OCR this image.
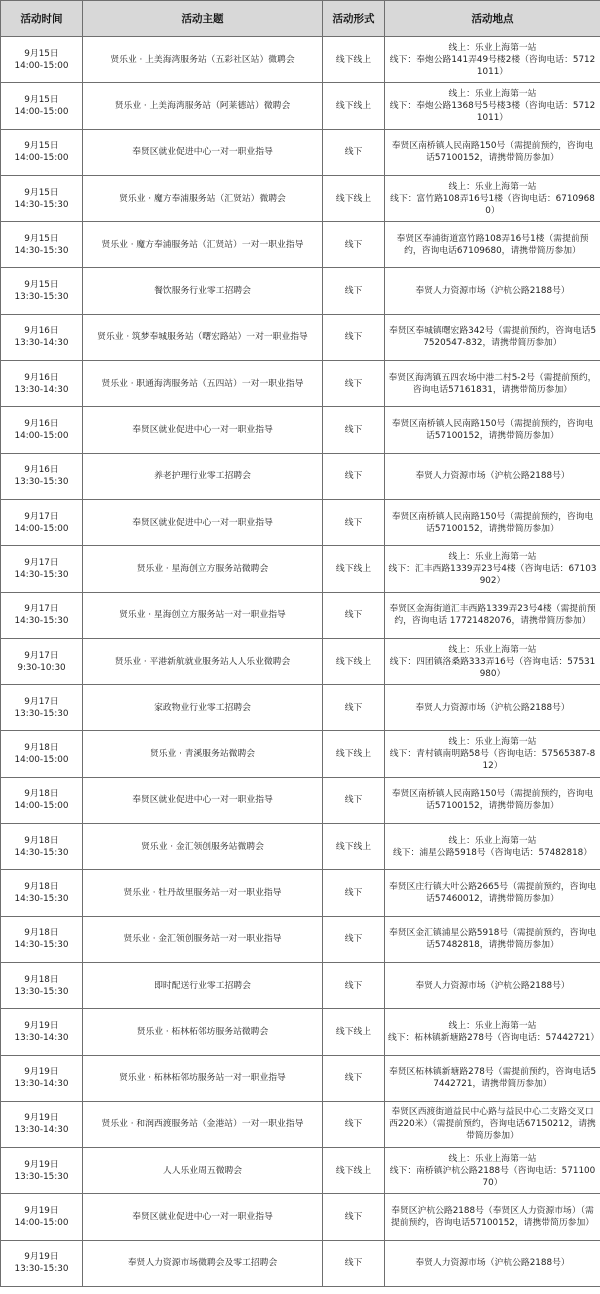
活动时间	活动主题	活动形式	活动地点

9月15日
14:00-15:00	贤乐业 · 上美海湾服务站（五彩社区站）微聘会	线下线上	线上：乐业上海第一站
线下：奉炮公路141弄49号楼2楼（咨询电话：57121011）

9月15日
14:00-15:00	贤乐业 · 上美海湾服务站（阿莱德站）微聘会	线下线上	线上：乐业上海第一站
线下：奉炮公路1368号5号楼3楼（咨询电话：57121011）

9月15日
14:00-15:00	奉贤区就业促进中心一对一职业指导	线下	奉贤区南桥镇人民南路150号（需提前预约，咨询电话57100152，请携带简历参加）

9月15日
14:30-15:30	贤乐业 · 魔方奉浦服务站（汇贤站）微聘会	线下线上	线上：乐业上海第一站
线下：富竹路108弄16号1楼（咨询电话：67109680）

9月15日
14:30-15:30	贤乐业 · 魔方奉浦服务站（汇贤站）一对一职业指导	线下	奉贤区奉浦街道富竹路108弄16号1楼（需提前预约，咨询电话67109680，请携带简历参加）

9月15日
13:30-15:30	餐饮服务行业零工招聘会	线下	奉贤人力资源市场（沪杭公路2188号）

9月16日
13:30-14:30	贤乐业 · 筑梦奉城服务站（曙宏路站）一对一职业指导	线下	奉贤区奉城镇曙宏路342号（需提前预约，咨询电话57520547-832，请携带简历参加）

9月16日
13:30-14:30	贤乐业 · 职通海湾服务站（五四站）一对一职业指导	线下	奉贤区海湾镇五四农场中港二村5-2号（需提前预约，咨询电话57161831，请携带简历参加）

9月16日
14:00-15:00	奉贤区就业促进中心一对一职业指导	线下	奉贤区南桥镇人民南路150号（需提前预约，咨询电话57100152，请携带简历参加）

9月16日
13:30-15:30	养老护理行业零工招聘会	线下	奉贤人力资源市场（沪杭公路2188号）

9月17日
14:00-15:00	奉贤区就业促进中心一对一职业指导	线下	奉贤区南桥镇人民南路150号（需提前预约，咨询电话57100152，请携带简历参加）

9月17日
14:30-15:30	贤乐业 · 星海创立方服务站微聘会	线下线上	线上：乐业上海第一站
线下：汇丰西路1339弄23号4楼（咨询电话：67103902）

9月17日
14:30-15:30	贤乐业 · 星海创立方服务站一对一职业指导	线下	奉贤区金海街道汇丰西路1339弄23号4楼（需提前预约，咨询电话 17721482076，请携带简历参加）

9月17日
9:30-10:30	贤乐业 · 平港新航就业服务站人人乐业微聘会	线下线上	线上：乐业上海第一站
线下：四团镇洛桑路333弄16号（咨询电话：57531980）

9月17日
13:30-15:30	家政物业行业零工招聘会	线下	奉贤人力资源市场（沪杭公路2188号）

9月18日
14:00-15:00	贤乐业 · 青溪服务站微聘会	线下线上	线上：乐业上海第一站
线下：青村镇南明路58号（咨询电话：57565387-812）

9月18日
14:00-15:00	奉贤区就业促进中心一对一职业指导	线下	奉贤区南桥镇人民南路150号（需提前预约，咨询电话57100152，请携带简历参加）

9月18日
14:30-15:30	贤乐业 · 金汇领创服务站微聘会	线下线上	线上：乐业上海第一站
线下：浦星公路5918号（咨询电话：57482818）

9月18日
14:30-15:30	贤乐业 · 牡丹故里服务站一对一职业指导	线下	奉贤区庄行镇大叶公路2665号（需提前预约，咨询电话57460012，请携带简历参加）

9月18日
14:30-15:30	贤乐业 · 金汇领创服务站一对一职业指导	线下	奉贤区金汇镇浦星公路5918号（需提前预约，咨询电话57482818，请携带简历参加）

9月18日
13:30-15:30	即时配送行业零工招聘会	线下	奉贤人力资源市场（沪杭公路2188号）

9月19日
13:30-14:30	贤乐业 · 柘林柘邻坊服务站微聘会	线下线上	线上：乐业上海第一站
线下：柘林镇新塘路278号（咨询电话：57442721）

9月19日
13:30-14:30	贤乐业 · 柘林柘邻坊服务站一对一职业指导	线下	奉贤区柘林镇新塘路278号（需提前预约，咨询电话57442721，请携带简历参加）

9月19日
13:30-14:30	贤乐业 · 和润西渡服务站（金港站）一对一职业指导	线下	奉贤区西渡街道益民中心路与益民中心二支路交叉口西220米）（需提前预约，咨询电话67150212，请携带简历参加）

9月19日
13:30-15:30	人人乐业周五微聘会	线下线上	线上：乐业上海第一站
线下：南桥镇沪杭公路2188号（咨询电话：57110070）

9月19日
14:00-15:00	奉贤区就业促进中心一对一职业指导	线下	奉贤区沪杭公路2188号（奉贤区人力资源市场）（需提前预约，咨询电话57100152，请携带简历参加）

9月19日
13:30-15:30	奉贤人力资源市场微聘会及零工招聘会	线下	奉贤人力资源市场（沪杭公路2188号）
